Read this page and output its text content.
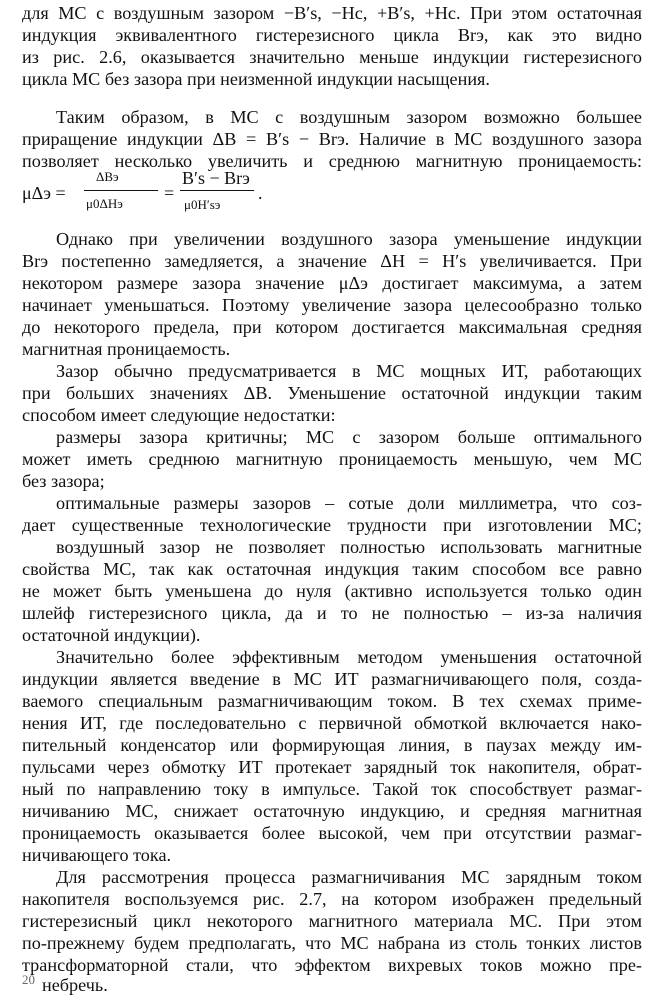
для МС с воздушным зазором −B′s, −Hc, +B′s, +Hc. При этом остаточная
индукция эквивалентного гистерезисного цикла Brэ, как это видно
из рис. 2.6, оказывается значительно меньше индукции гистерезисного
цикла МС без зазора при неизменной индукции насыщения.
Таким образом, в МС с воздушным зазором возможно большее
приращение индукции ΔB = B′s − Brэ. Наличие в МС воздушного зазора
позволяет несколько увеличить и среднюю магнитную проницаемость:
μΔэ =
ΔBэ
μ0ΔHэ
=
B′s − Brэ
μ0H′sэ
.
Однако при увеличении воздушного зазора уменьшение индукции
Brэ постепенно замедляется, а значение ΔH = H′s увеличивается. При
некотором размере зазора значение μΔэ достигает максимума, а затем
начинает уменьшаться. Поэтому увеличение зазора целесообразно только
до некоторого предела, при котором достигается максимальная средняя
магнитная проницаемость.
Зазор обычно предусматривается в МС мощных ИТ, работающих
при больших значениях ΔB. Уменьшение остаточной индукции таким
способом имеет следующие недостатки:
размеры зазора критичны; МС с зазором больше оптимального
может иметь среднюю магнитную проницаемость меньшую, чем МС
без зазора;
оптимальные размеры зазоров – сотые доли миллиметра, что соз-
дает существенные технологические трудности при изготовлении МС;
воздушный зазор не позволяет полностью использовать магнитные
свойства МС, так как остаточная индукция таким способом все равно
не может быть уменьшена до нуля (активно используется только один
шлейф гистерезисного цикла, да и то не полностью – из-за наличия
остаточной индукции).
Значительно более эффективным методом уменьшения остаточной
индукции является введение в МС ИТ размагничивающего поля, созда-
ваемого специальным размагничивающим током. В тех схемах приме-
нения ИТ, где последовательно с первичной обмоткой включается нако-
пительный конденсатор или формирующая линия, в паузах между им-
пульсами через обмотку ИТ протекает зарядный ток накопителя, обрат-
ный по направлению току в импульсе. Такой ток способствует размаг-
ничиванию МС, снижает остаточную индукцию, и средняя магнитная
проницаемость оказывается более высокой, чем при отсутствии размаг-
ничивающего тока.
Для рассмотрения процесса размагничивания МС зарядным током
накопителя воспользуемся рис. 2.7, на котором изображен предельный
гистерезисный цикл некоторого магнитного материала МС. При этом
по-прежнему будем предполагать, что МС набрана из столь тонких листов
трансформаторной стали, что эффектом вихревых токов можно пре-
небречь.
20
